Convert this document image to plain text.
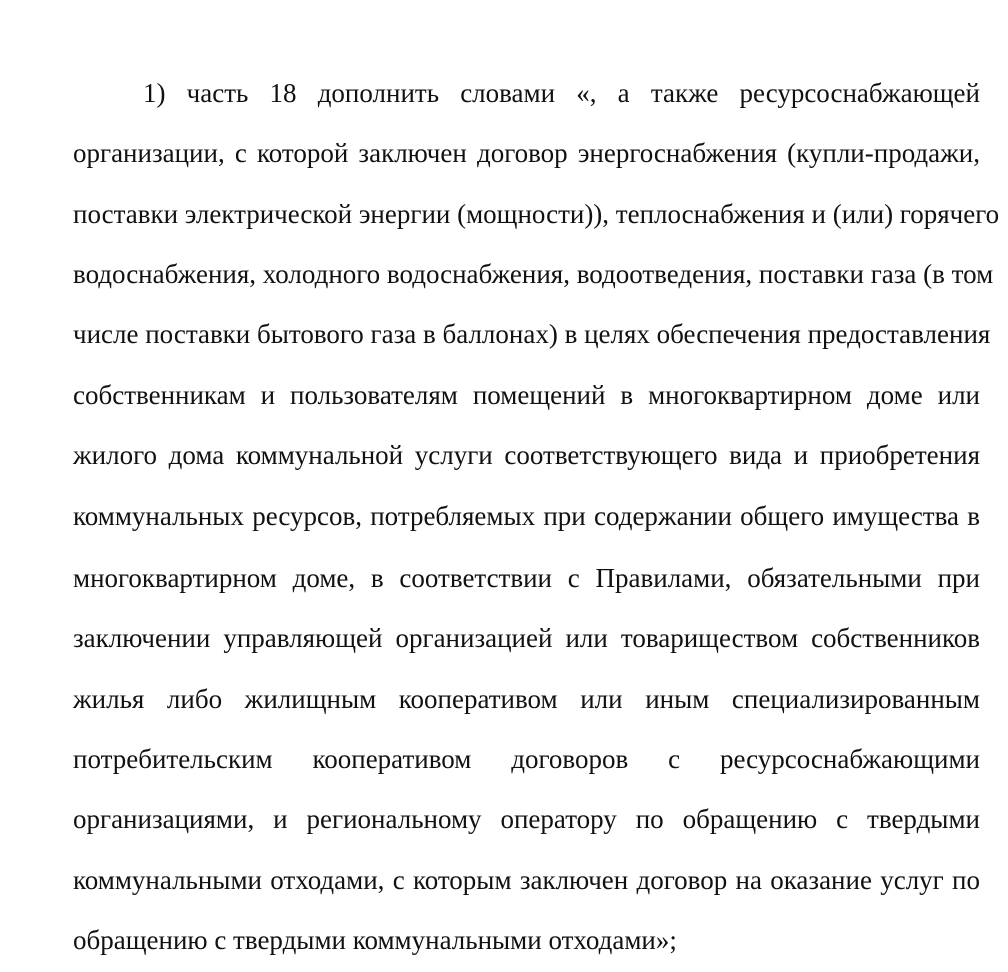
1) часть 18 дополнить словами «, а также ресурсоснабжающей
организации, с которой заключен договор энергоснабжения (купли-продажи,
поставки электрической энергии (мощности)), теплоснабжения и (или) горячего
водоснабжения, холодного водоснабжения, водоотведения, поставки газа (в том
числе поставки бытового газа в баллонах) в целях обеспечения предоставления
собственникам и пользователям помещений в многоквартирном доме или
жилого дома коммунальной услуги соответствующего вида и приобретения
коммунальных ресурсов, потребляемых при содержании общего имущества в
многоквартирном доме, в соответствии с Правилами, обязательными при
заключении управляющей организацией или товариществом собственников
жилья либо жилищным кооперативом или иным специализированным
потребительским кооперативом договоров с ресурсоснабжающими
организациями, и региональному оператору по обращению с твердыми
коммунальными отходами, с которым заключен договор на оказание услуг по
обращению с твердыми коммунальными отходами»;
